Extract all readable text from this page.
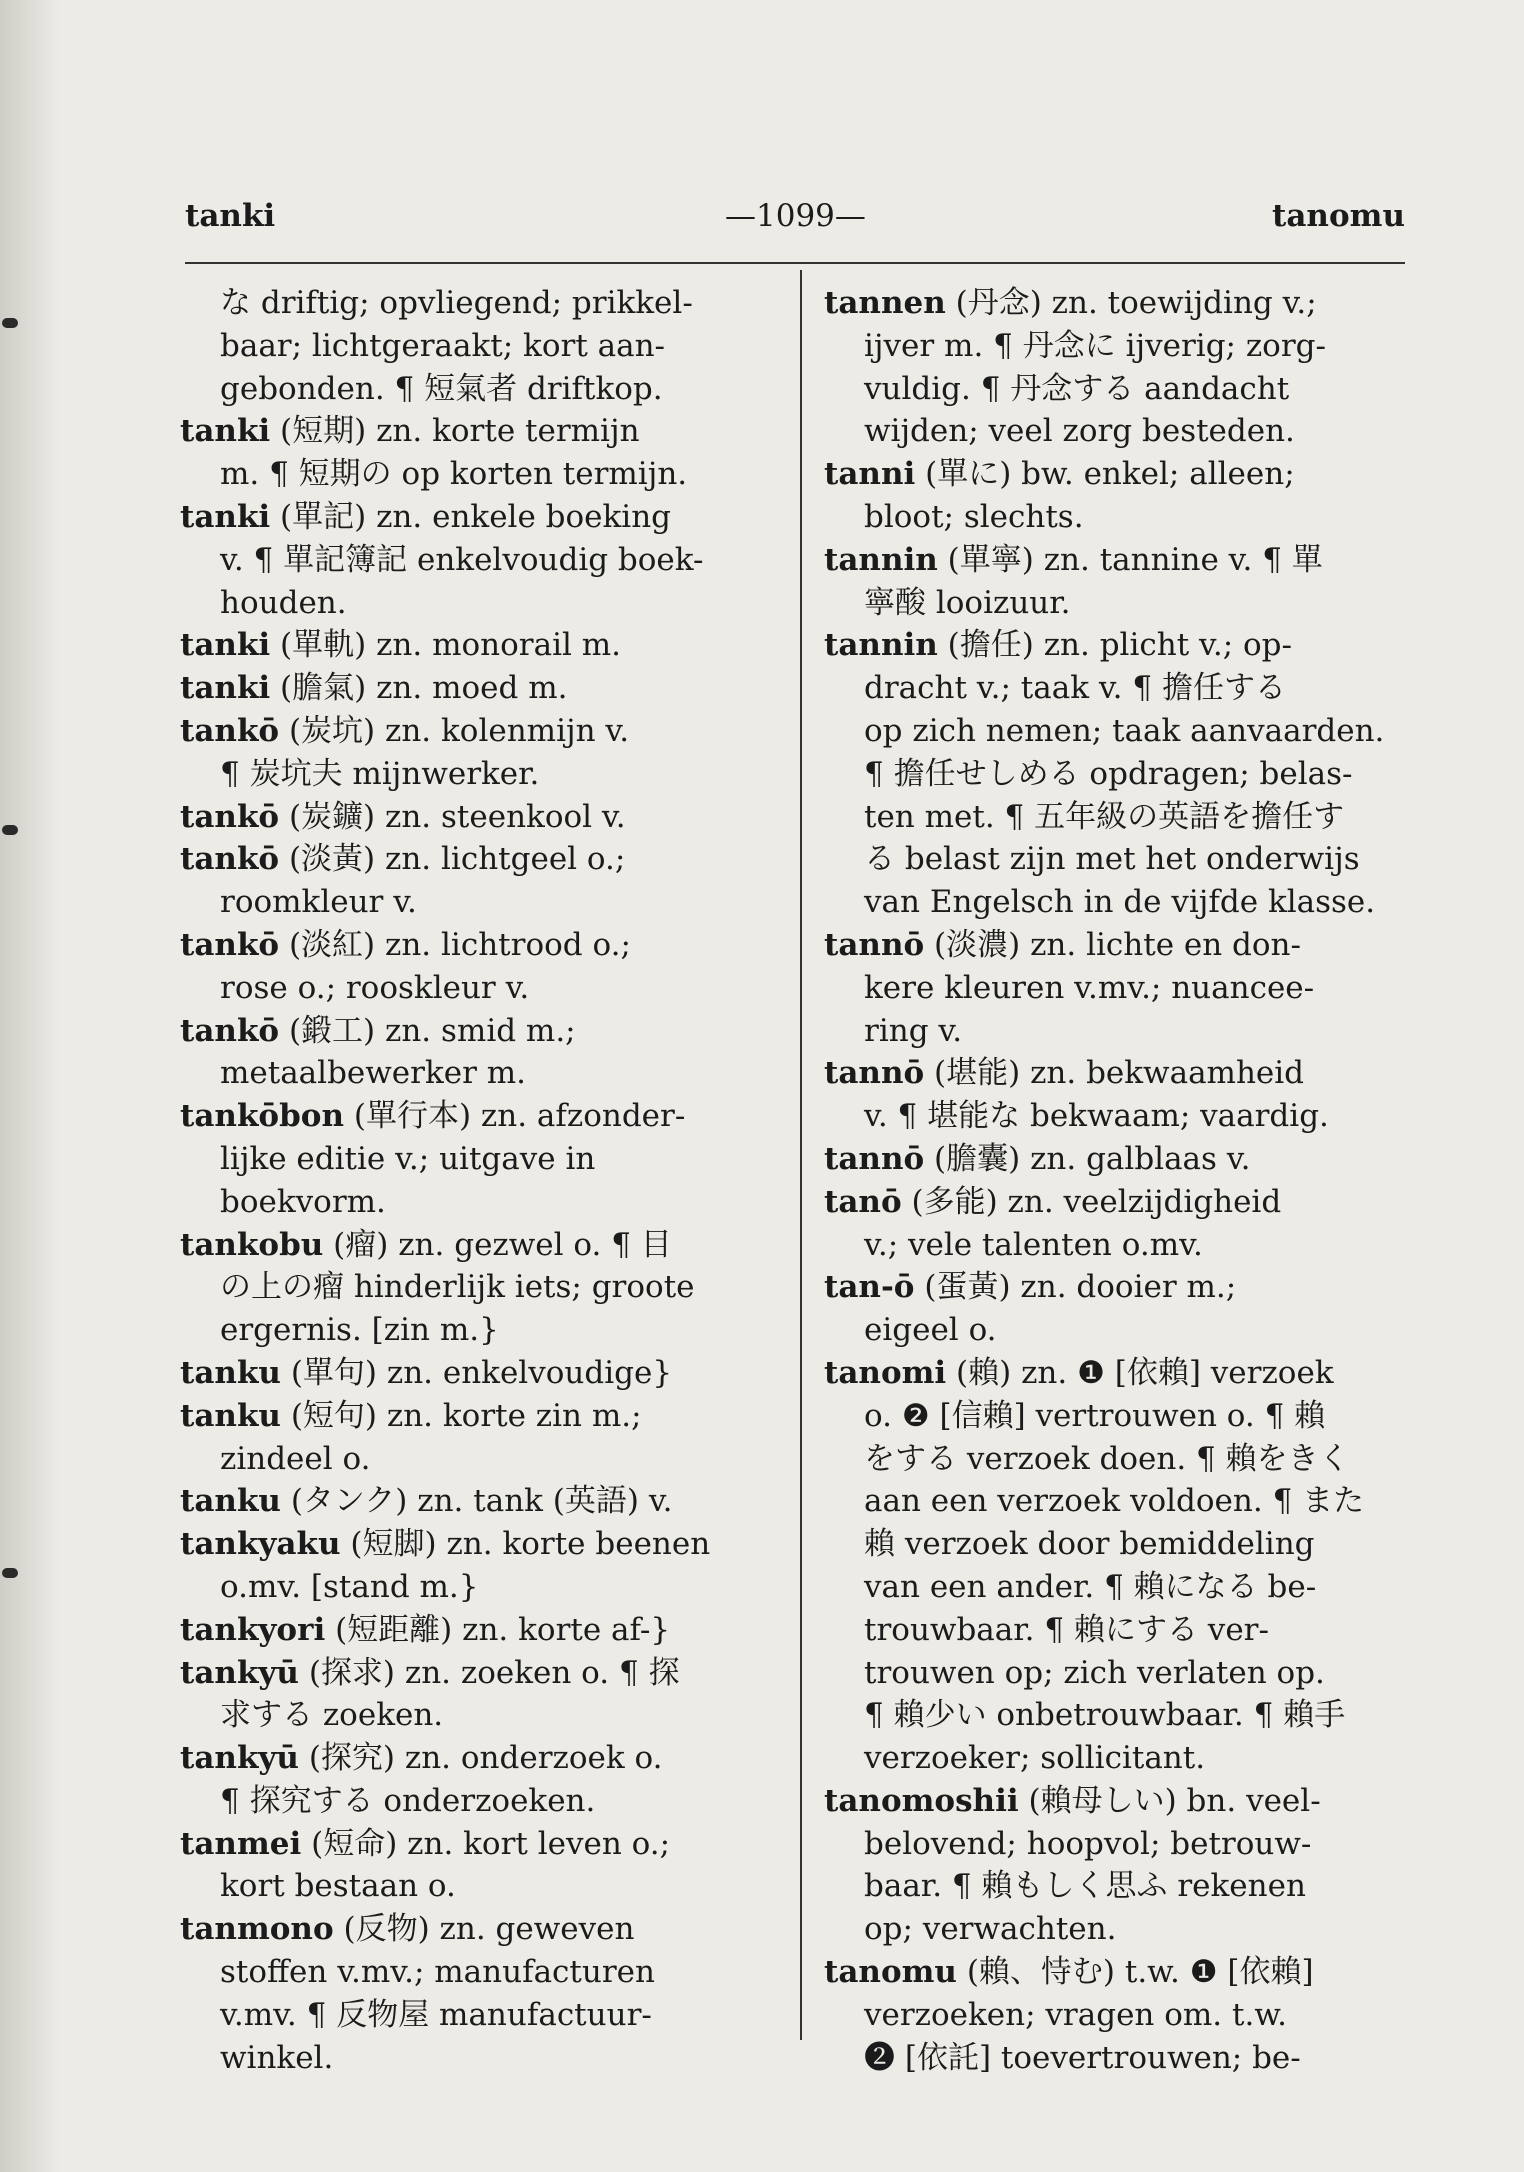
tanki	—1099—	tanomu
な driftig; opvliegend; prikkel-
baar; lichtgeraakt; kort aan-
gebonden. ¶ 短氣者 driftkop.
tanki (短期) zn. korte termijn
m. ¶ 短期の op korten termijn.
tanki (單記) zn. enkele boeking
v. ¶ 單記簿記 enkelvoudig boek-
houden.
tanki (單軌) zn. monorail m.
tanki (膽氣) zn. moed m.
tankō (炭坑) zn. kolenmijn v.
¶ 炭坑夫 mijnwerker.
tankō (炭鑛) zn. steenkool v.
tankō (淡黃) zn. lichtgeel o.;
roomkleur v.
tankō (淡紅) zn. lichtrood o.;
rose o.; rooskleur v.
tankō (鍛工) zn. smid m.;
metaalbewerker m.
tankōbon (單行本) zn. afzonder-
lijke editie v.; uitgave in
boekvorm.
tankobu (瘤) zn. gezwel o. ¶ 目
の上の瘤 hinderlijk iets; groote
ergernis. [zin m.}
tanku (單句) zn. enkelvoudige}
tanku (短句) zn. korte zin m.;
zindeel o.
tanku (タンク) zn. tank (英語) v.
tankyaku (短脚) zn. korte beenen
o.mv. [stand m.}
tankyori (短距離) zn. korte af-}
tankyū (探求) zn. zoeken o. ¶ 探
求する zoeken.
tankyū (探究) zn. onderzoek o.
¶ 探究する onderzoeken.
tanmei (短命) zn. kort leven o.;
kort bestaan o.
tanmono (反物) zn. geweven
stoffen v.mv.; manufacturen
v.mv. ¶ 反物屋 manufactuur-
winkel.
tannen (丹念) zn. toewijding v.;
ijver m. ¶ 丹念に ijverig; zorg-
vuldig. ¶ 丹念する aandacht
wijden; veel zorg besteden.
tanni (單に) bw. enkel; alleen;
bloot; slechts.
tannin (單寧) zn. tannine v. ¶ 單
寧酸 looizuur.
tannin (擔任) zn. plicht v.; op-
dracht v.; taak v. ¶ 擔任する
op zich nemen; taak aanvaarden.
¶ 擔任せしめる opdragen; belas-
ten met. ¶ 五年級の英語を擔任す
る belast zijn met het onderwijs
van Engelsch in de vijfde klasse.
tannō (淡濃) zn. lichte en don-
kere kleuren v.mv.; nuancee-
ring v.
tannō (堪能) zn. bekwaamheid
v. ¶ 堪能な bekwaam; vaardig.
tannō (膽囊) zn. galblaas v.
tanō (多能) zn. veelzijdigheid
v.; vele talenten o.mv.
tan-ō (蛋黃) zn. dooier m.;
eigeel o.
tanomi (賴) zn. ❶ [依賴] verzoek
o. ❷ [信賴] vertrouwen o. ¶ 賴
をする verzoek doen. ¶ 賴をきく
aan een verzoek voldoen. ¶ また
賴 verzoek door bemiddeling
van een ander. ¶ 賴になる be-
trouwbaar. ¶ 賴にする ver-
trouwen op; zich verlaten op.
¶ 賴少い onbetrouwbaar. ¶ 賴手
verzoeker; sollicitant.
tanomoshii (賴母しい) bn. veel-
belovend; hoopvol; betrouw-
baar. ¶ 賴もしく思ふ rekenen
op; verwachten.
tanomu (賴、恃む) t.w. ❶ [依賴]
verzoeken; vragen om. t.w.
❷ [依託] toevertrouwen; be-
